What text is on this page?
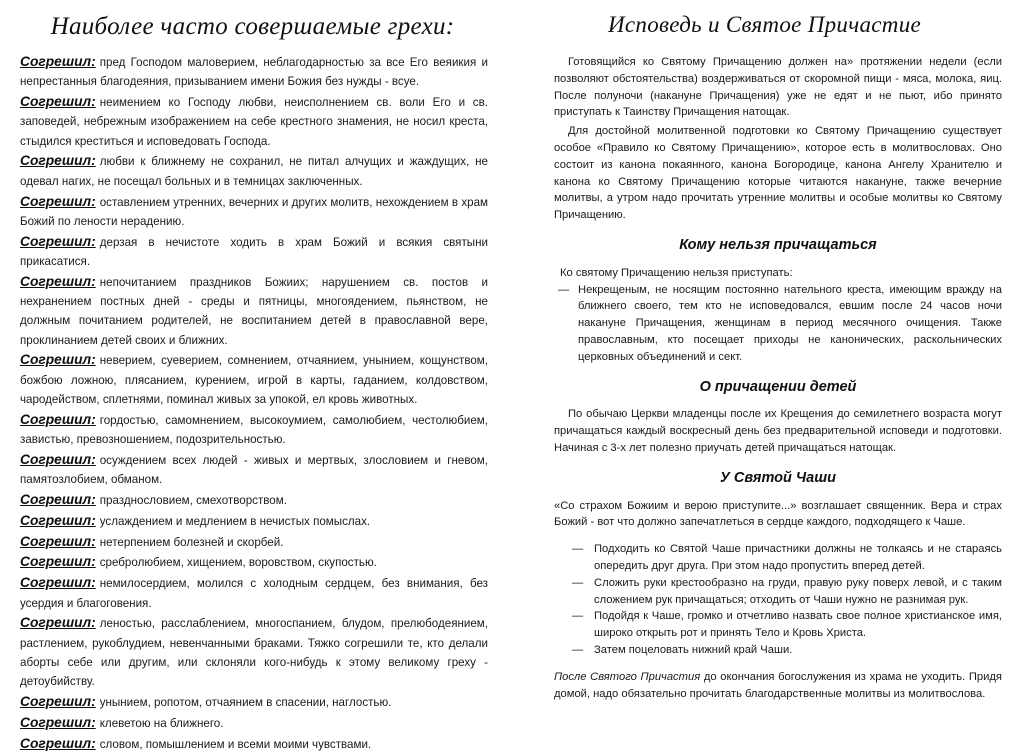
Наиболее часто совершаемые грехи:

Согрешил: пред Господом маловерием, неблагодарностью за все Его веяикия и непрестанныя благодеяния, призыванием имени Божия без нужды - всуе.

Согрешил: неимением ко Господу любви, неисполнением св. воли Его и св. заповедей, небрежным изображением на себе крестного знамения, не носил креста, стыдился креститься и исповедовать Господа.

Согрешил: любви к ближнему не сохранил, не питал алчущих и жаждущих, не одевал нагих, не посещал больных и в темницах заключенных.

Согрешил: оставлением утренних, вечерних и других молитв, нехождением в храм Божий по лености нерадению.

Согрешил: дерзая в нечистоте ходить в храм Божий и всякия святыни прикасатися.

Согрешил: непочитанием праздников Божиих; нарушением св. постов и нехранением постных дней - среды и пятницы, многоядением, пьянством, не должным почитанием родителей, не воспитанием детей в православной вере, проклинанием детей своих и ближних.

Согрешил: неверием, суеверием, сомнением, отчаянием, унынием, кощунством, божбою ложною, плясанием, курением, игрой в карты, гаданием, колдовством, чародейством, сплетнями, поминал живых за упокой, ел кровь животных.

Согрешил: гордостью, самомнением, высокоумием, самолюбием, честолюбием, завистью, превозношением, подозрительностью.

Согрешил: осуждением всех людей - живых и мертвых, злословием и гневом, памятозлобием, обманом.

Согрешил: празднословием, смехотворством.

Согрешил: услаждением и медлением в нечистых помыслах.

Согрешил: нетерпением болезней и скорбей.

Согрешил: сребролюбием, хищением, воровством, скупостью.

Согрешил: немилосердием, молился с холодным сердцем, без внимания, без усердия и благоговения.

Согрешил: леностью, расслаблением, многоспанием, блудом, прелюбодеянием, растлением, рукоблудием, невенчанными браками. Тяжко согрешили те, кто делали аборты себе или другим, или склоняли кого-нибудь к этому великому греху - детоубийству.

Согрешил: унынием, ропотом, отчаянием в спасении, наглостью.

Согрешил: клеветою на ближнего.

Согрешил: словом, помышлением и всеми моими чувствами.

Исповедь и Святое Причастие

Готовящийся ко Святому Причащению должен на» протяжении недели (если позволяют обстоятельства) воздерживаться от скоромной пищи - мяса, молока, яиц. После полуночи (накануне Причащения) уже не едят и не пьют, ибо принято приступать к Таинству Причащения натощак.

Для достойной молитвенной подготовки ко Святому Причащению существует особое «Правило ко Святому Причащению», которое есть в молитвословах. Оно состоит из канона покаянного, канона Богородице, канона Ангелу Хранителю и канона ко Святому Причащению которые читаются накануне, также вечерние молитвы, а утром надо прочитать утренние молитвы и особые молитвы ко Святому Причащению.

Кому нельзя причащаться

Ко святому Причащению нельзя приступать:

— Некрещеным, не носящим постоянно нательного креста, имеющим вражду на ближнего своего, тем кто не исповедовался, евшим после 24 часов ночи накануне Причащения, женщинам в период месячного очищения. Также православным, кто посещает приходы не канонических, раскольнических церковных объединений и сект.
О причащении детей

По обычаю Церкви младенцы после их Крещения до семилетнего возраста могут причащаться каждый воскресный день без предварительной исповеди и подготовки. Начиная с 3-х лет полезно приучать детей причащаться натощак.

У Святой Чаши

«Со страхом Божиим и верою приступите...» возглашает священник. Вера и страх Божий - вот что должно запечатлеться в сердце каждого, подходящего к Чаше.

— Подходить ко Святой Чаше причастники должны не толкаясь и не стараясь опередить друг друга. При этом надо пропустить вперед детей.
— Сложить руки крестообразно на груди, правую руку поверх левой, и с таким сложением рук причащаться; отходить от Чаши нужно не разнимая рук.
— Подойдя к Чаше, громко и отчетливо назвать свое полное христианское имя, широко открыть рот и принять Тело и Кровь Христа.
— Затем поцеловать нижний край Чаши.

После Святого Причастия до окончания богослужения из храма не уходить. Придя домой, надо обязательно прочитать благодарственные молитвы из молитвослова.
